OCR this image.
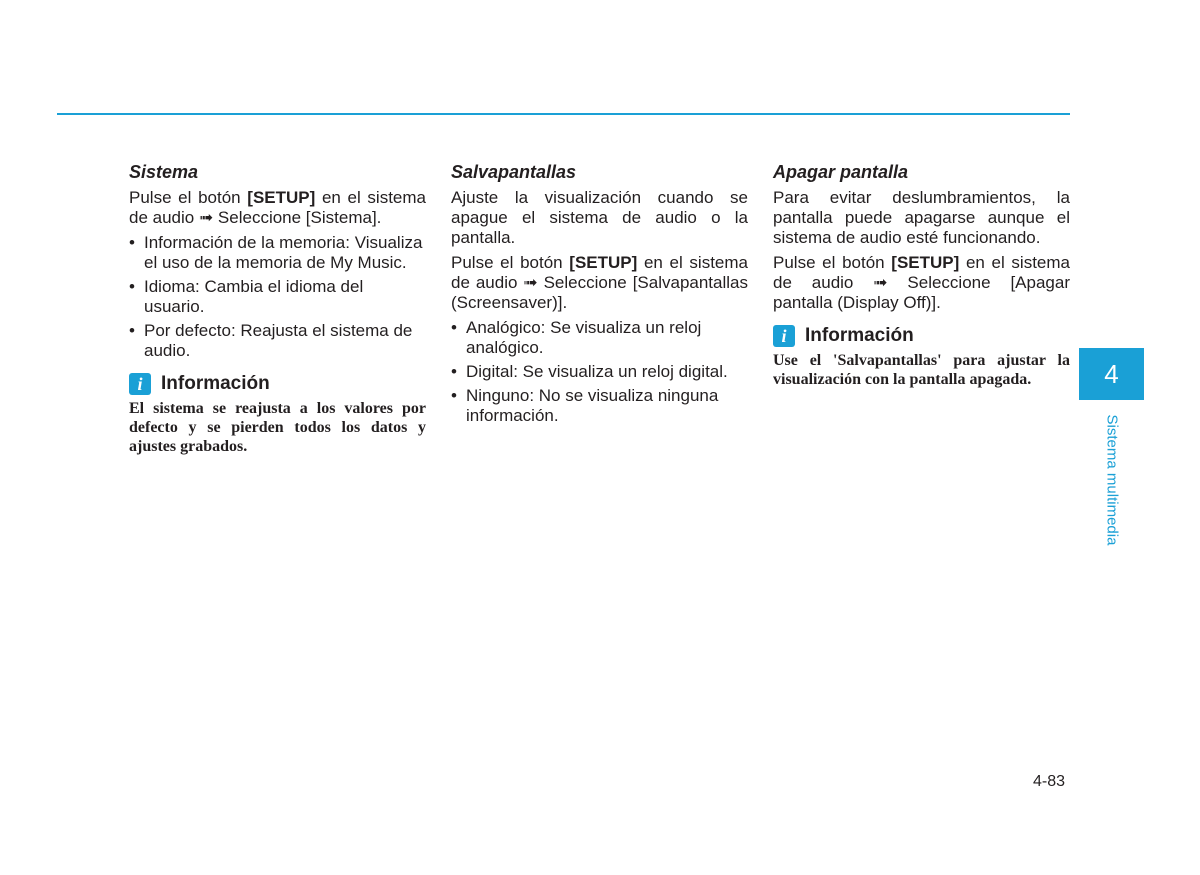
Sistema
Pulse el botón [SETUP] en el sistema de audio ➟ Seleccione [Sistema].
• Información de la memoria: Visualiza el uso de la memoria de My Music.
• Idioma: Cambia el idioma del usuario.
• Por defecto: Reajusta el sistema de audio.
i Información

El sistema se reajusta a los valores por defecto y se pierden todos los datos y ajustes grabados.

Salvapantallas
Ajuste la visualización cuando se apague el sistema de audio o la pantalla.
Pulse el botón [SETUP] en el sistema de audio ➟ Seleccione [Salvapantallas (Screensaver)].
• Analógico: Se visualiza un reloj analógico.
• Digital: Se visualiza un reloj digital.
• Ninguno: No se visualiza ninguna información.
Apagar pantalla
Para evitar deslumbramientos, la pantalla puede apagarse aunque el sistema de audio esté funcionando.
Pulse el botón [SETUP] en el sistema de audio ➟ Seleccione [Apagar pantalla (Display Off)].
i Información

Use el 'Salvapantallas' para ajustar la visualización con la pantalla apagada.	4
Sistema multimedia
4-83
